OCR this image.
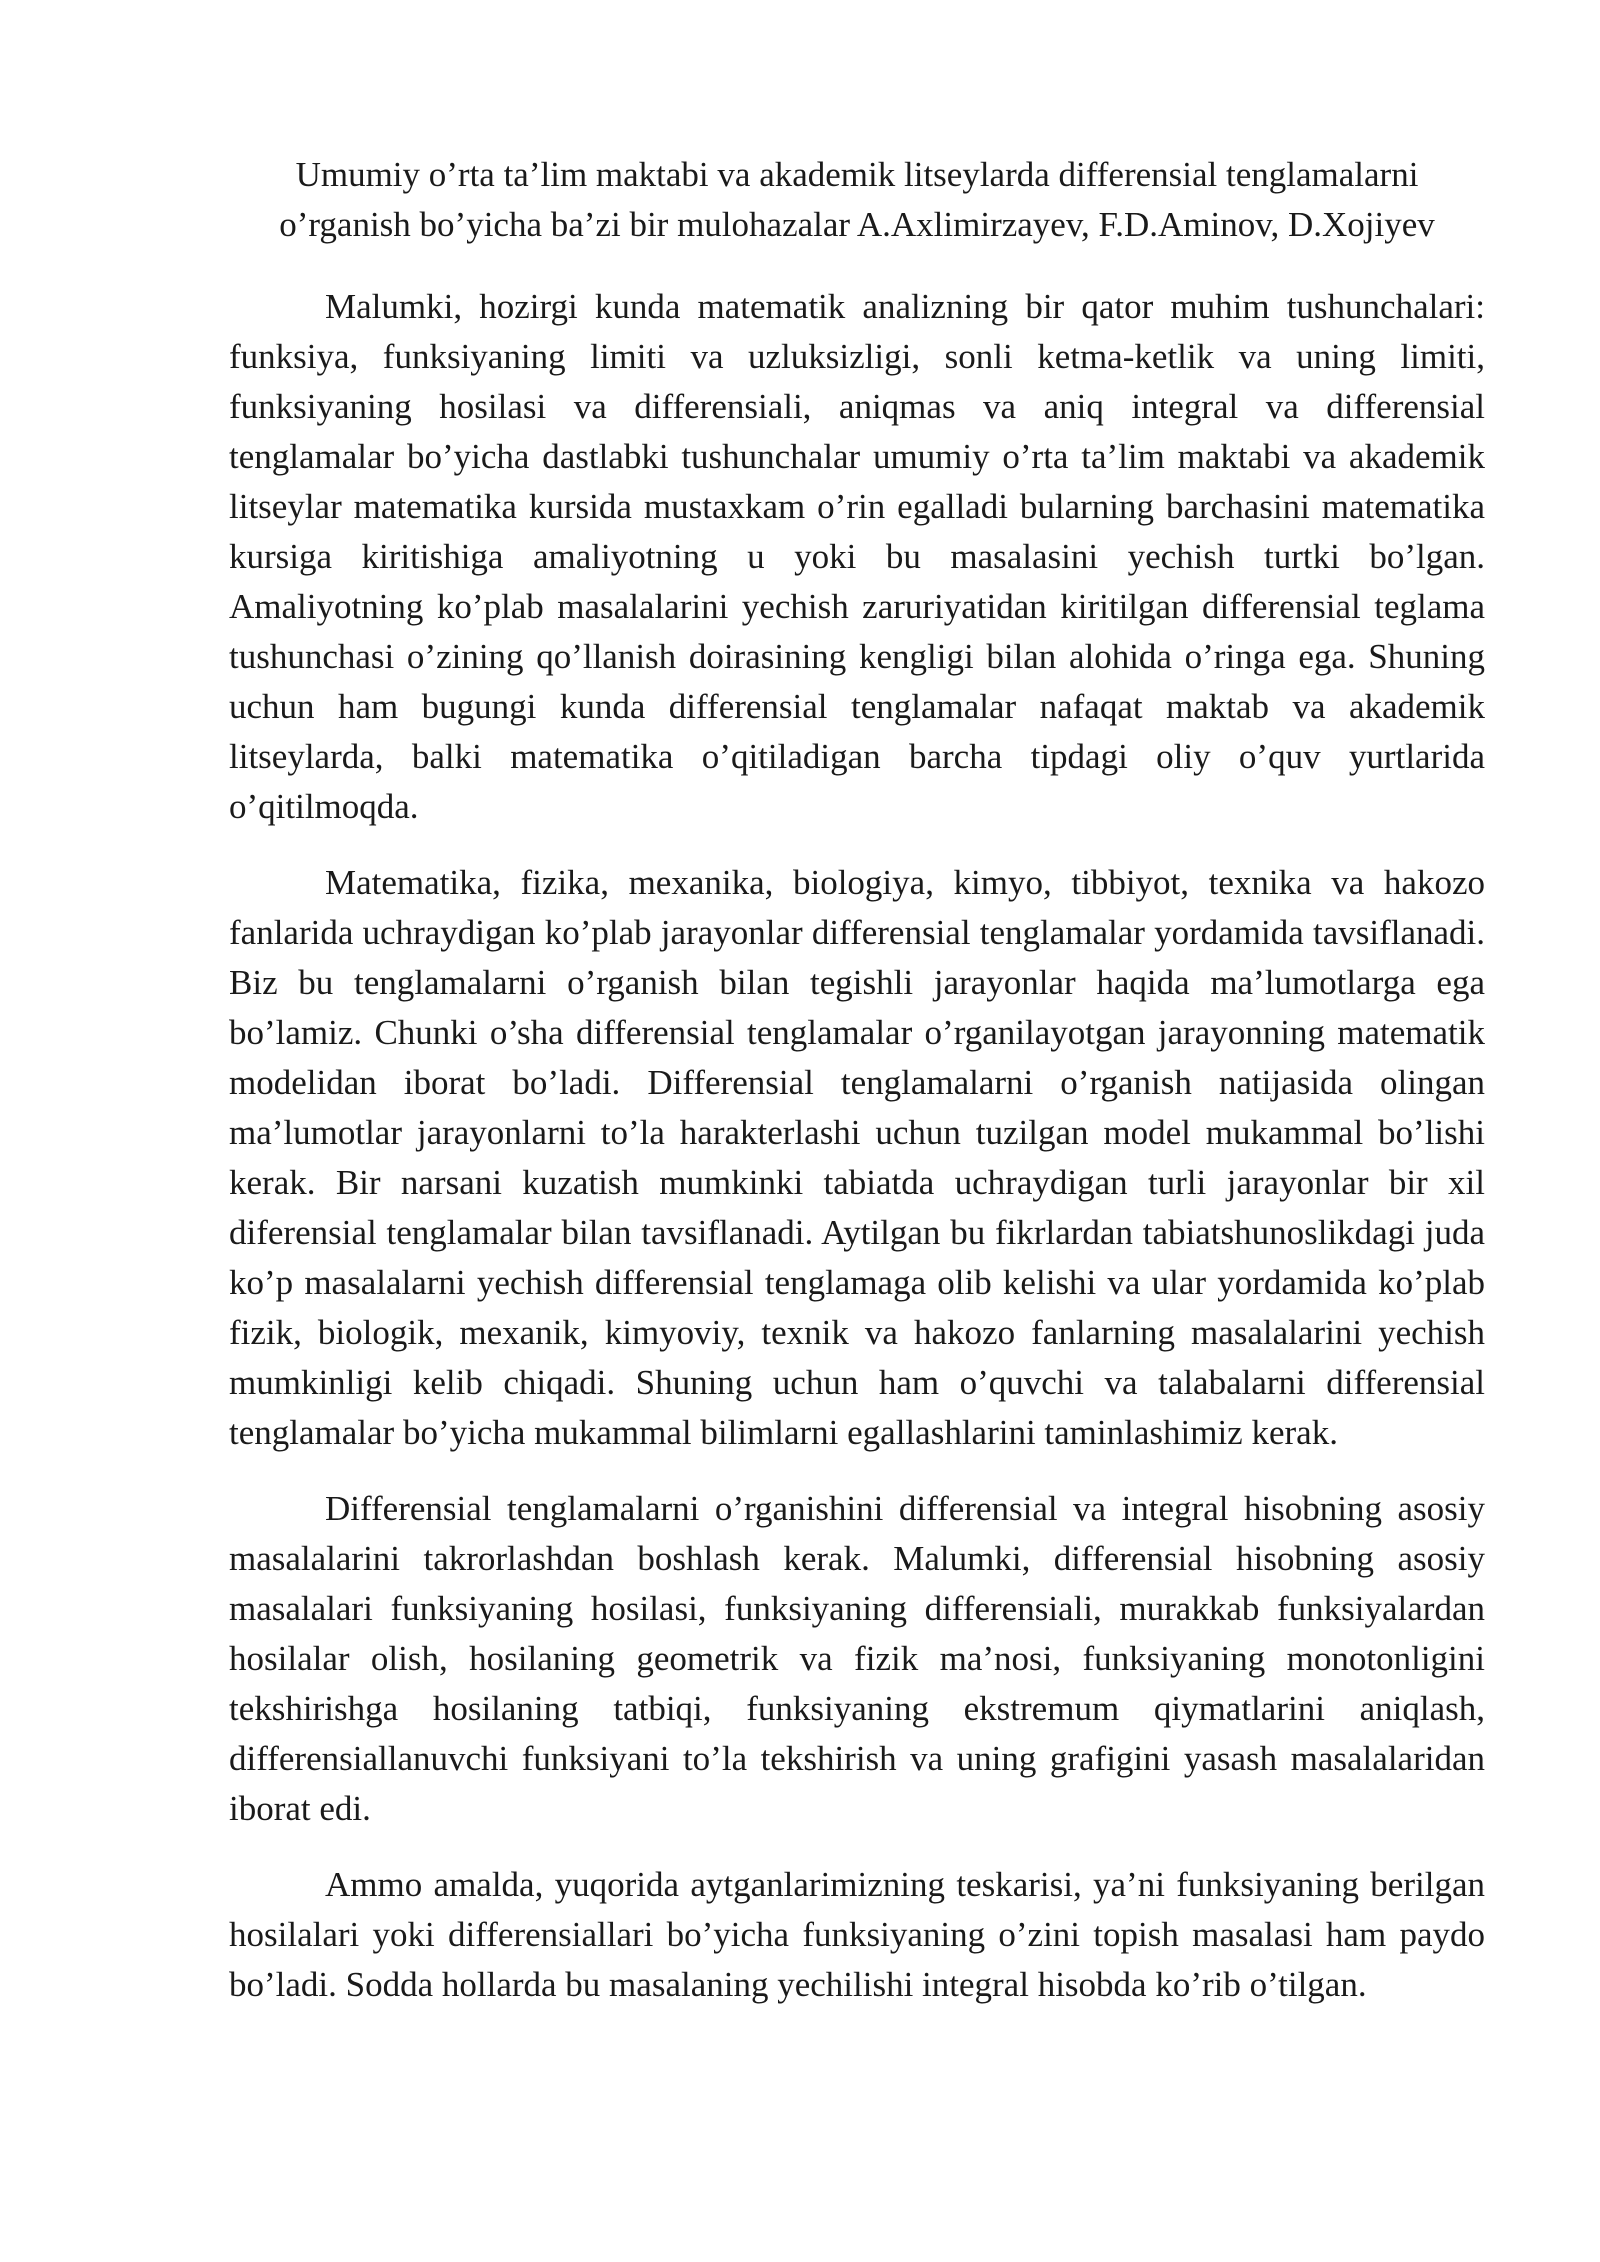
Umumiy o’rta ta’lim maktabi va akademik litseylarda differensial tenglamalarni o’rganish bo’yicha ba’zi bir mulohazalar A.Axlimirzayev, F.D.Aminov, D.Xojiyev

Malumki, hozirgi kunda matematik analizning bir qator muhim tushunchalari: funksiya, funksiyaning limiti va uzluksizligi, sonli ketma-ketlik va uning limiti, funksiyaning hosilasi va differensiali, aniqmas va aniq integral va differensial tenglamalar bo’yicha dastlabki tushunchalar umumiy o’rta ta’lim maktabi va akademik litseylar matematika kursida mustaxkam o’rin egalladi bularning barchasini matematika kursiga kiritishiga amaliyotning u yoki bu masalasini yechish turtki bo’lgan. Amaliyotning ko’plab masalalarini yechish zaruriyatidan kiritilgan differensial teglama tushunchasi o’zining qo’llanish doirasining kengligi bilan alohida o’ringa ega. Shuning uchun ham bugungi kunda differensial tenglamalar nafaqat maktab va akademik litseylarda, balki matematika o’qitiladigan barcha tipdagi oliy o’quv yurtlarida o’qitilmoqda.

Matematika, fizika, mexanika, biologiya, kimyo, tibbiyot, texnika va hakozo fanlarida uchraydigan ko’plab jarayonlar differensial tenglamalar yordamida tavsiflanadi. Biz bu tenglamalarni o’rganish bilan tegishli jarayonlar haqida ma’lumotlarga ega bo’lamiz. Chunki o’sha differensial tenglamalar o’rganilayotgan jarayonning matematik modelidan iborat bo’ladi. Differensial tenglamalarni o’rganish natijasida olingan ma’lumotlar jarayonlarni to’la harakterlashi uchun tuzilgan model mukammal bo’lishi kerak. Bir narsani kuzatish mumkinki tabiatda uchraydigan turli jarayonlar bir xil diferensial tenglamalar bilan tavsiflanadi. Aytilgan bu fikrlardan tabiatshunoslikdagi juda ko’p masalalarni yechish differensial tenglamaga olib kelishi va ular yordamida ko’plab fizik, biologik, mexanik, kimyoviy, texnik va hakozo fanlarning masalalarini yechish mumkinligi kelib chiqadi. Shuning uchun ham o’quvchi va talabalarni differensial tenglamalar bo’yicha mukammal bilimlarni egallashlarini taminlashimiz kerak.

Differensial tenglamalarni o’rganishini differensial va integral hisobning asosiy masalalarini takrorlashdan boshlash kerak. Malumki, differensial hisobning asosiy masalalari funksiyaning hosilasi, funksiyaning differensiali, murakkab funksiyalardan hosilalar olish, hosilaning geometrik va fizik ma’nosi, funksiyaning monotonligini tekshirishga hosilaning tatbiqi, funksiyaning ekstremum qiymatlarini aniqlash, differensiallanuvchi funksiyani to’la tekshirish va uning grafigini yasash masalalaridan iborat edi.

Ammo amalda, yuqorida aytganlarimizning teskarisi, ya’ni funksiyaning berilgan hosilalari yoki differensiallari bo’yicha funksiyaning o’zini topish masalasi ham paydo bo’ladi. Sodda hollarda bu masalaning yechilishi integral hisobda ko’rib o’tilgan.
